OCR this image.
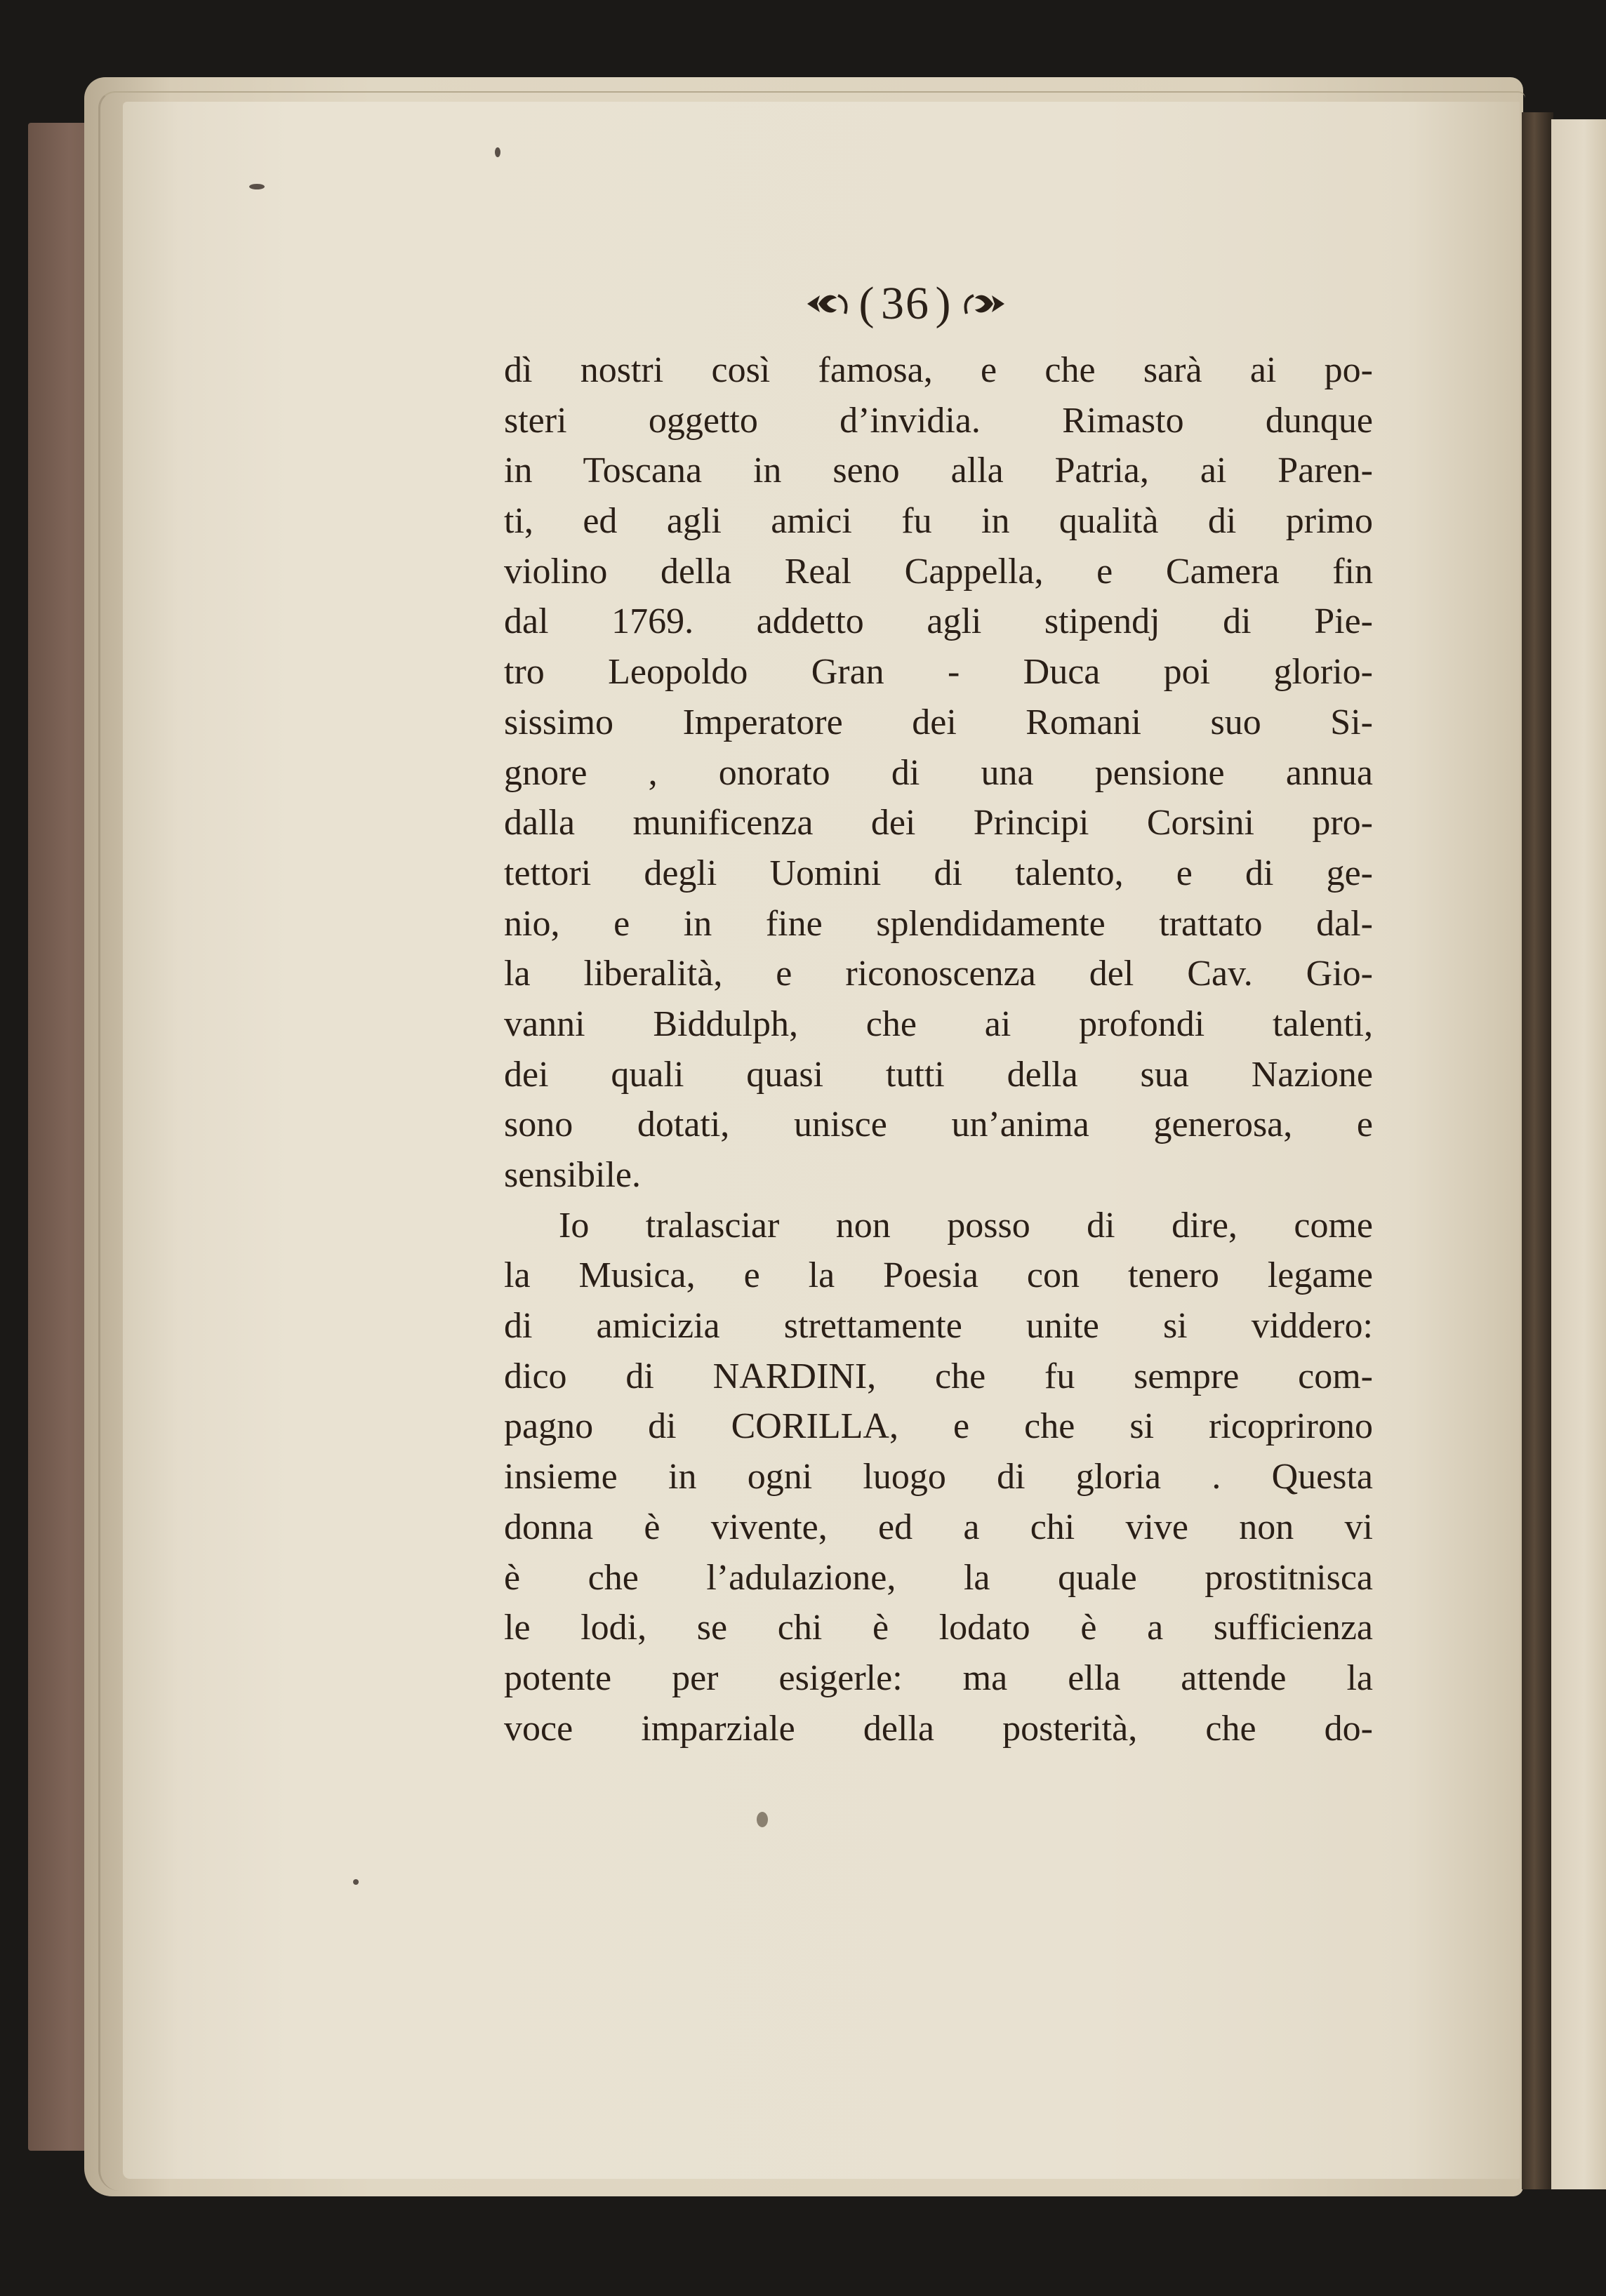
( 36 )
dì nostri così famosa, e che sarà ai po-
steri oggetto d’invidia. Rimasto dunque
in Toscana in seno alla Patria, ai Paren-
ti, ed agli amici fu in qualità di primo
violino della Real Cappella, e Camera fin
dal 1769. addetto agli stipendj di Pie-
tro Leopoldo Gran - Duca poi glorio-
sissimo Imperatore dei Romani suo Si-
gnore , onorato di una pensione annua
dalla munificenza dei Principi Corsini pro-
tettori degli Uomini di talento, e di ge-
nio, e in fine splendidamente trattato dal-
la liberalità, e riconoscenza del Cav. Gio-
vanni Biddulph, che ai profondi talenti,
dei quali quasi tutti della sua Nazione
sono dotati, unisce un’anima generosa, e
sensibile.
Io tralasciar non posso di dire, come
la Musica, e la Poesia con tenero legame
di amicizia strettamente unite si viddero:
dico di NARDINI, che fu sempre com-
pagno di CORILLA, e che si ricoprirono
insieme in ogni luogo di gloria . Questa
donna è vivente, ed a chi vive non vi
è che l’adulazione, la quale prostitnisca
le lodi, se chi è lodato è a sufficienza
potente per esigerle: ma ella attende la
voce imparziale della posterità, che do-
